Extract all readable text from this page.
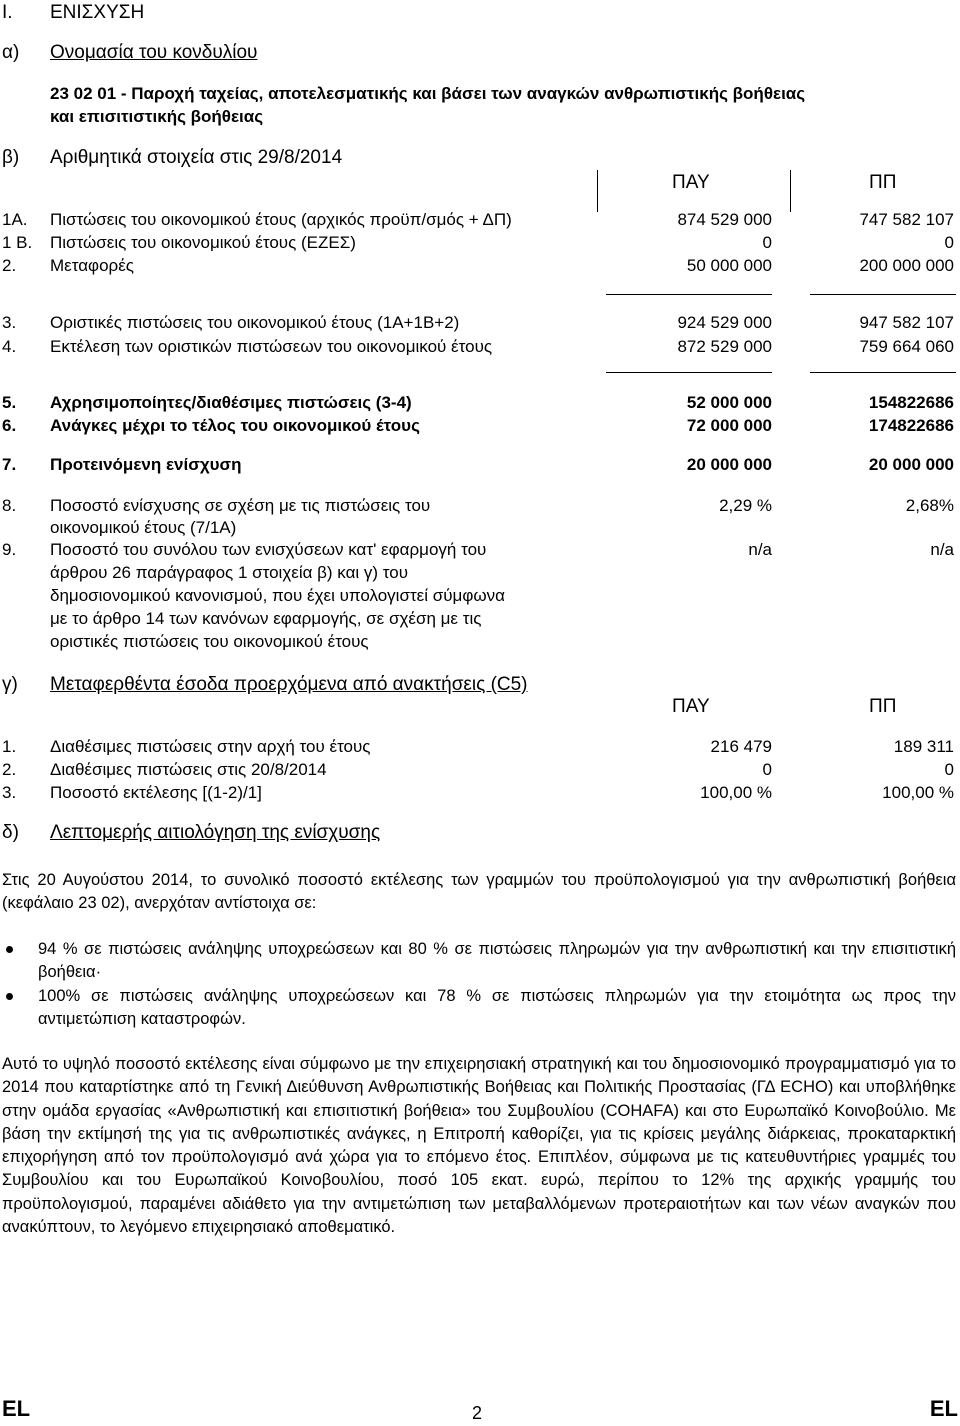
I. ΕΝΙΣΧΥΣΗ
α) Ονομασία του κονδυλίου
23 02 01 - Παροχή ταχείας, αποτελεσματικής και βάσει των αναγκών ανθρωπιστικής βοήθειας
και επισιτιστικής βοήθειας
β) Αριθμητικά στοιχεία στις 29/8/2014
ΠΑΥ	ΠΠ
1A. Πιστώσεις του οικονομικού έτους (αρχικός προϋπ/σμός + ΔΠ)	874 529 000	747 582 107
1 B. Πιστώσεις του οικονομικού έτους (ΕΖΕΣ)	0	0
2. Μεταφορές	50 000 000	200 000 000
3. Οριστικές πιστώσεις του οικονομικού έτους (1A+1B+2)	924 529 000	947 582 107
4. Εκτέλεση των οριστικών πιστώσεων του οικονομικού έτους	872 529 000	759 664 060
5. Αχρησιμοποίητες/διαθέσιμες πιστώσεις (3-4)	52 000 000	154822686
6. Ανάγκες μέχρι το τέλος του οικονομικού έτους	72 000 000	174822686
7. Προτεινόμενη ενίσχυση	20 000 000	20 000 000
8. Ποσοστό ενίσχυσης σε σχέση με τις πιστώσεις του
οικονομικού έτους (7/1A)
2,29 %	2,68%
9. Ποσοστό του συνόλου των ενισχύσεων κατ' εφαρμογή του
άρθρου 26 παράγραφος 1 στοιχεία β) και γ) του
δημοσιονομικού κανονισμού, που έχει υπολογιστεί σύμφωνα
με το άρθρο 14 των κανόνων εφαρμογής, σε σχέση με τις
οριστικές πιστώσεις του οικονομικού έτους
n/a	n/a
γ) Μεταφερθέντα έσοδα προερχόμενα από ανακτήσεις (C5)
ΠΑΥ	ΠΠ
1. Διαθέσιμες πιστώσεις στην αρχή του έτους	216 479	189 311
2. Διαθέσιμες πιστώσεις στις 20/8/2014	0	0
3. Ποσοστό εκτέλεσης [(1-2)/1]	100,00 %	100,00 %
δ) Λεπτομερής αιτιολόγηση της ενίσχυσης
Στις 20 Αυγούστου 2014, το συνολικό ποσοστό εκτέλεσης των γραμμών του προϋπολογισμού για την ανθρωπιστική βοήθεια (κεφάλαιο 23 02), ανερχόταν αντίστοιχα σε:
94 % σε πιστώσεις ανάληψης υποχρεώσεων και 80 % σε πιστώσεις πληρωμών για την ανθρωπιστική και την επισιτιστική βοήθεια·
100% σε πιστώσεις ανάληψης υποχρεώσεων και 78 % σε πιστώσεις πληρωμών για την ετοιμότητα ως προς την αντιμετώπιση καταστροφών.
Αυτό το υψηλό ποσοστό εκτέλεσης είναι σύμφωνο με την επιχειρησιακή στρατηγική και του δημοσιονομικό προγραμματισμό για το 2014 που καταρτίστηκε από τη Γενική Διεύθυνση Ανθρωπιστικής Βοήθειας και Πολιτικής Προστασίας (ΓΔ ECHO) και υποβλήθηκε στην ομάδα εργασίας «Ανθρωπιστική και επισιτιστική βοήθεια» του Συμβουλίου (COHAFA) και στο Ευρωπαϊκό Κοινοβούλιο. Με βάση την εκτίμησή της για τις ανθρωπιστικές ανάγκες, η Επιτροπή καθορίζει, για τις κρίσεις μεγάλης διάρκειας, προκαταρκτική επιχορήγηση από τον προϋπολογισμό ανά χώρα για το επόμενο έτος. Επιπλέον, σύμφωνα με τις κατευθυντήριες γραμμές του Συμβουλίου και του Ευρωπαϊκού Κοινοβουλίου, ποσό 105 εκατ. ευρώ, περίπου το 12% της αρχικής γραμμής του προϋπολογισμού, παραμένει αδιάθετο για την αντιμετώπιση των μεταβαλλόμενων προτεραιοτήτων και των νέων αναγκών που ανακύπτουν, το λεγόμενο επιχειρησιακό αποθεματικό.
EL	2	EL
